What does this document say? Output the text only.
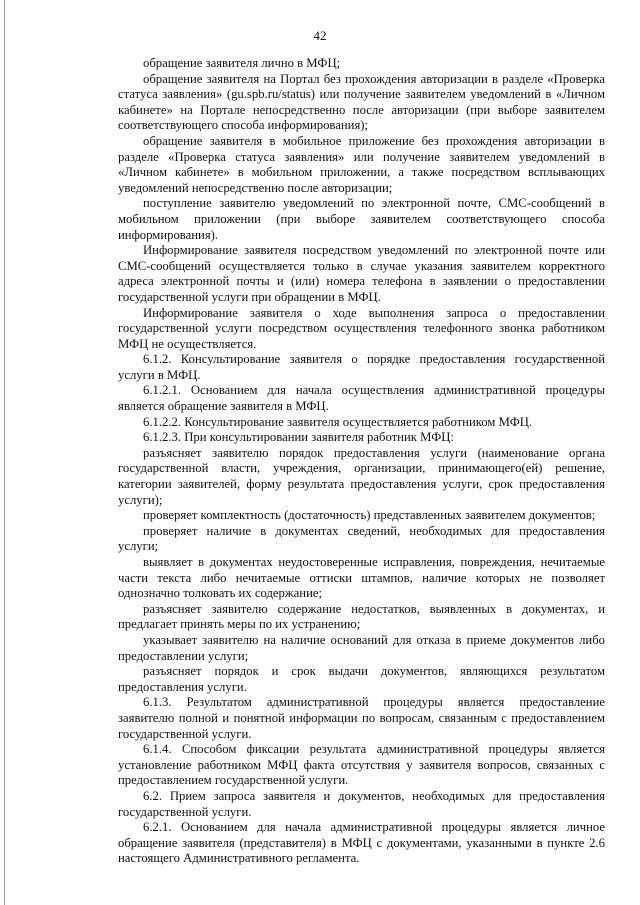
42

обращение заявителя лично в МФЦ;

обращение заявителя на Портал без прохождения авторизации в разделе «Проверка статуса заявления» (gu.spb.ru/status) или получение заявителем уведомлений в «Личном кабинете» на Портале непосредственно после авторизации (при выборе заявителем соответствующего способа информирования);

обращение заявителя в мобильное приложение без прохождения авторизации в разделе «Проверка статуса заявления» или получение заявителем уведомлений в «Личном кабинете» в мобильном приложении, а также посредством всплывающих уведомлений непосредственно после авторизации;

поступление заявителю уведомлений по электронной почте, СМС-сообщений в мобильном приложении (при выборе заявителем соответствующего способа информирования).

Информирование заявителя посредством уведомлений по электронной почте или СМС-сообщений осуществляется только в случае указания заявителем корректного адреса электронной почты и (или) номера телефона в заявлении о предоставлении государственной услуги при обращении в МФЦ.

Информирование заявителя о ходе выполнения запроса о предоставлении государственной услуги посредством осуществления телефонного звонка работником МФЦ не осуществляется.

6.1.2. Консультирование заявителя о порядке предоставления государственной услуги в МФЦ.

6.1.2.1. Основанием для начала осуществления административной процедуры является обращение заявителя в МФЦ.

6.1.2.2. Консультирование заявителя осуществляется работником МФЦ.

6.1.2.3. При консультировании заявителя работник МФЦ:

разъясняет заявителю порядок предоставления услуги (наименование органа государственной власти, учреждения, организации, принимающего(ей) решение, категории заявителей, форму результата предоставления услуги, срок предоставления услуги);

проверяет комплектность (достаточность) представленных заявителем документов;

проверяет наличие в документах сведений, необходимых для предоставления услуги;

выявляет в документах неудостоверенные исправления, повреждения, нечитаемые части текста либо нечитаемые оттиски штампов, наличие которых не позволяет однозначно толковать их содержание;

разъясняет заявителю содержание недостатков, выявленных в документах, и предлагает принять меры по их устранению;

указывает заявителю на наличие оснований для отказа в приеме документов либо предоставлении услуги;

разъясняет порядок и срок выдачи документов, являющихся результатом предоставления услуги.

6.1.3. Результатом административной процедуры является предоставление заявителю полной и понятной информации по вопросам, связанным с предоставлением государственной услуги.

6.1.4. Способом фиксации результата административной процедуры является установление работником МФЦ факта отсутствия у заявителя вопросов, связанных с предоставлением государственной услуги.

6.2. Прием запроса заявителя и документов, необходимых для предоставления государственной услуги.

6.2.1. Основанием для начала административной процедуры является личное обращение заявителя (представителя) в МФЦ с документами, указанными в пункте 2.6 настоящего Административного регламента.
